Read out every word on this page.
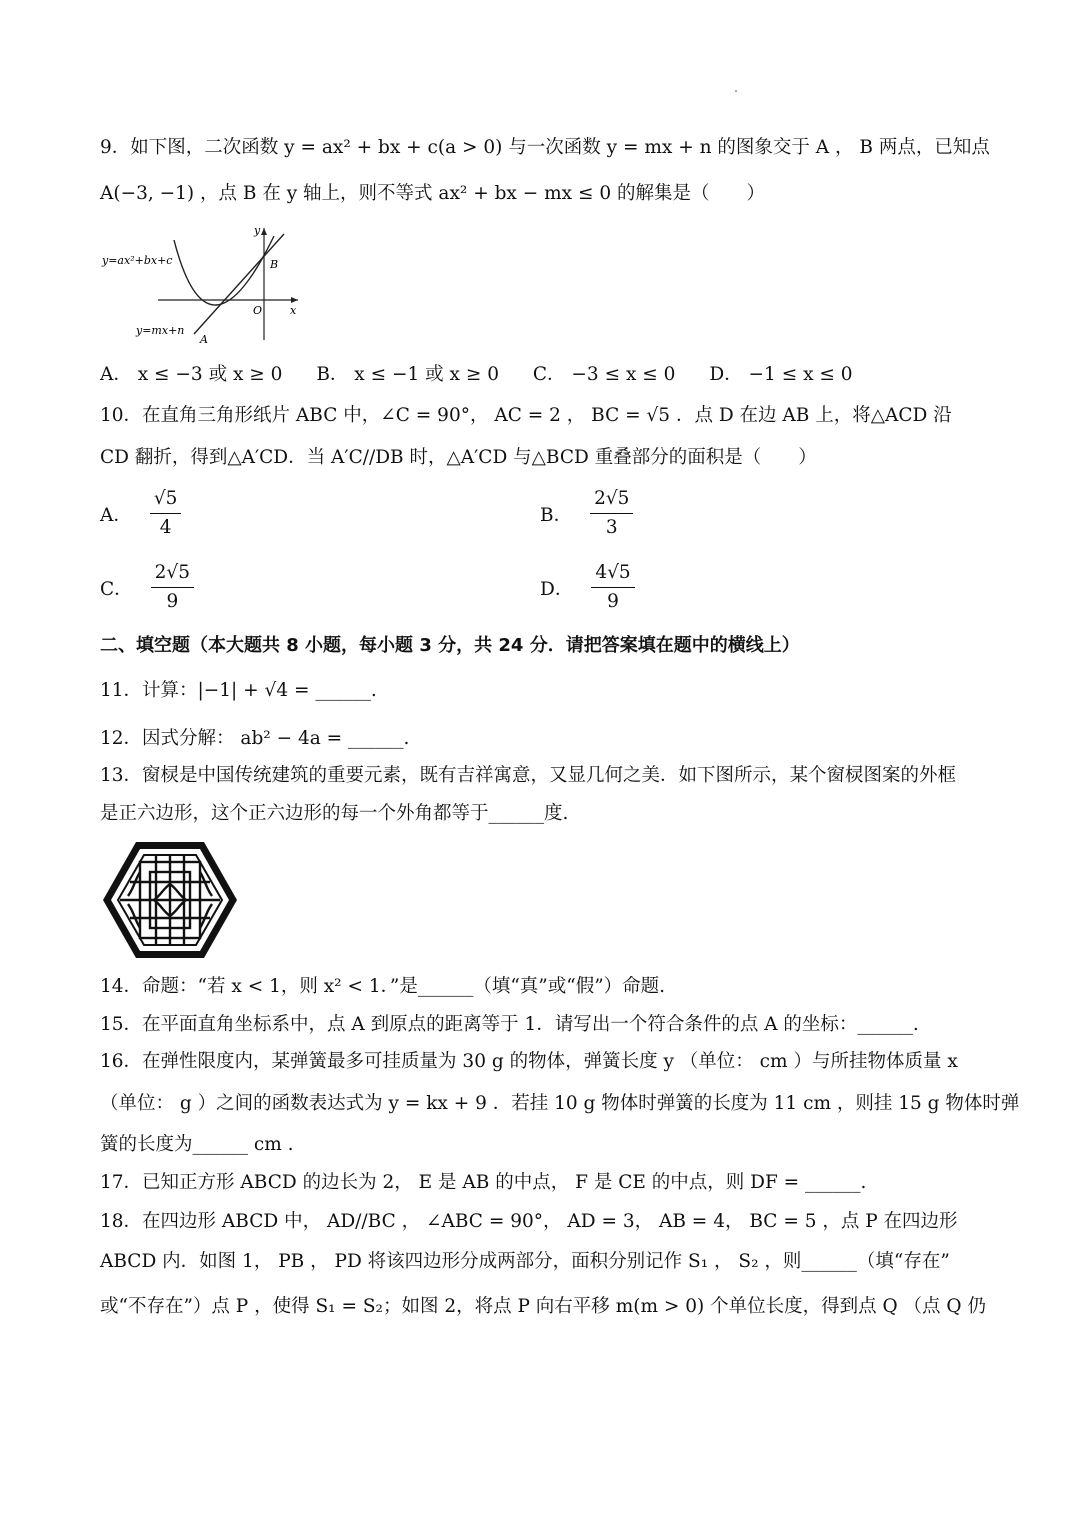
9．如下图，二次函数 y = ax² + bx + c(a > 0) 与一次函数 y = mx + n 的图象交于 A ， B 两点，已知点
A(−3, −1) ，点 B 在 y 轴上，则不等式 ax² + bx − mx ≤ 0 的解集是（　　）
y=ax²+bx+c
y=mx+n
y
x
O
A
B
A． x ≤ −3 或 x ≥ 0 B． x ≤ −1 或 x ≥ 0 C． −3 ≤ x ≤ 0 D． −1 ≤ x ≤ 0
10．在直角三角形纸片 ABC 中，∠C = 90°， AC = 2 ， BC = √5 ．点 D 在边 AB 上，将△ACD 沿
CD 翻折，得到△A′CD．当 A′C//DB 时，△A′CD 与△BCD 重叠部分的面积是（　　）
A． $\frac{√5}{4}$	B． $\frac{2√5}{3}$
C． $\frac{2√5}{9}$	D． $\frac{4√5}{9}$
二、填空题（本大题共 8 小题，每小题 3 分，共 24 分．请把答案填在题中的横线上）
11．计算：|−1| + √4 = ______.
12．因式分解： ab² − 4a = ______.
13．窗棂是中国传统建筑的重要元素，既有吉祥寓意，又显几何之美．如下图所示，某个窗棂图案的外框
是正六边形，这个正六边形的每一个外角都等于______度.
14．命题：“若 x < 1，则 x² < 1．”是______（填“真”或“假”）命题.
15．在平面直角坐标系中，点 A 到原点的距离等于 1．请写出一个符合条件的点 A 的坐标：______.
16．在弹性限度内，某弹簧最多可挂质量为 30 g 的物体，弹簧长度 y （单位： cm ）与所挂物体质量 x
（单位： g ）之间的函数表达式为 y = kx + 9 ．若挂 10 g 物体时弹簧的长度为 11 cm ，则挂 15 g 物体时弹
簧的长度为______ cm .
17．已知正方形 ABCD 的边长为 2， E 是 AB 的中点， F 是 CE 的中点，则 DF = ______.
18．在四边形 ABCD 中， AD//BC ， ∠ABC = 90°， AD = 3， AB = 4， BC = 5 ，点 P 在四边形
ABCD 内．如图 1， PB ， PD 将该四边形分成两部分，面积分别记作 S₁ ， S₂ ，则______（填“存在”
或“不存在”）点 P ，使得 S₁ = S₂；如图 2，将点 P 向右平移 m(m > 0) 个单位长度，得到点 Q （点 Q 仍
